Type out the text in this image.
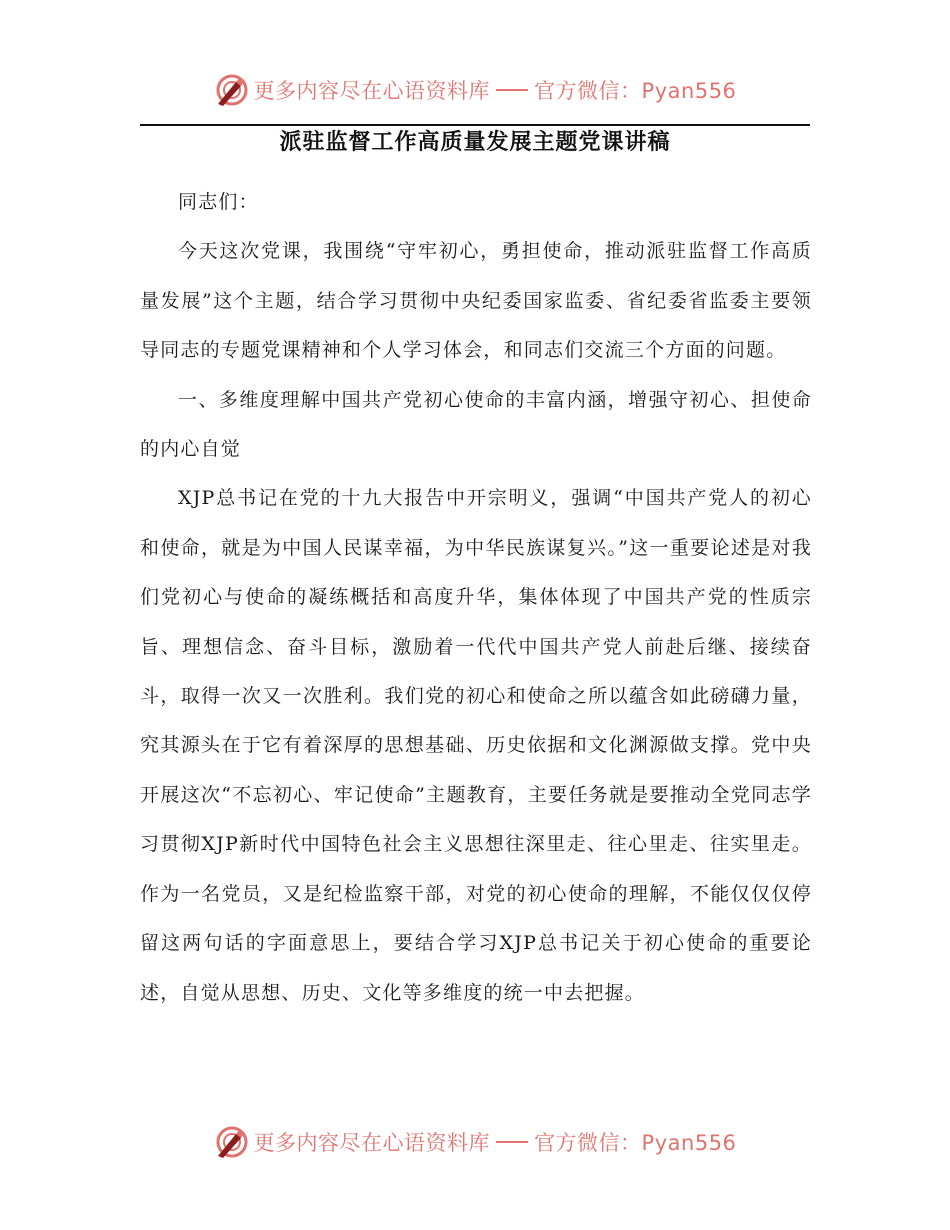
更多内容尽在心语资料库 官方微信：Pyan556
派驻监督工作高质量发展主题党课讲稿

同志们：

今天这次党课，我围绕“守牢初心，勇担使命，推动派驻监督工作高质量发展”这个主题，结合学习贯彻中央纪委国家监委、省纪委省监委主要领导同志的专题党课精神和个人学习体会，和同志们交流三个方面的问题。

一、多维度理解中国共产党初心使命的丰富内涵，增强守初心、担使命的内心自觉

XJP总书记在党的十九大报告中开宗明义，强调“中国共产党人的初心和使命，就是为中国人民谋幸福，为中华民族谋复兴。”这一重要论述是对我们党初心与使命的凝练概括和高度升华，集体体现了中国共产党的性质宗旨、理想信念、奋斗目标，激励着一代代中国共产党人前赴后继、接续奋斗，取得一次又一次胜利。我们党的初心和使命之所以蕴含如此磅礴力量，究其源头在于它有着深厚的思想基础、历史依据和文化渊源做支撑。党中央开展这次“不忘初心、牢记使命”主题教育，主要任务就是要推动全党同志学习贯彻XJP新时代中国特色社会主义思想往深里走、往心里走、往实里走。作为一名党员，又是纪检监察干部，对党的初心使命的理解，不能仅仅仅停留这两句话的字面意思上，要结合学习XJP总书记关于初心使命的重要论述，自觉从思想、历史、文化等多维度的统一中去把握。

更多内容尽在心语资料库 官方微信：Pyan556
